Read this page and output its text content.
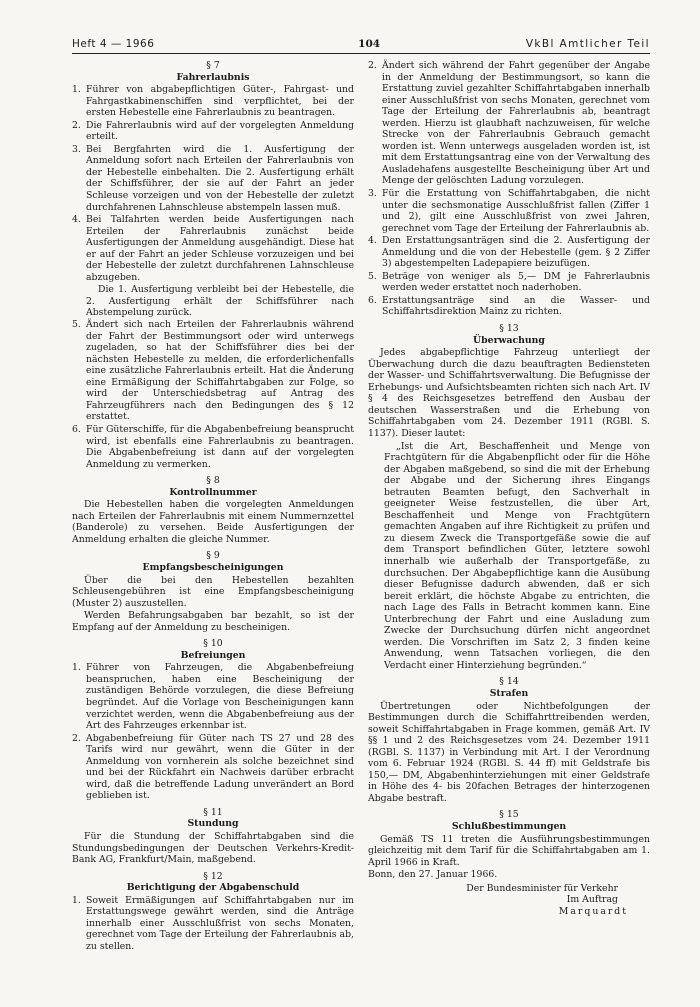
Heft 4 — 1966	104	VkBl Amtlicher Teil
§ 7
Fahrerlaubnis
1. Führer von abgabepflichtigen Güter-, Fahrgast- und Fahrgastkabinenschiffen sind verpflichtet, bei der ersten Hebestelle eine Fahrerlaubnis zu beantragen.
2. Die Fahrerlaubnis wird auf der vorgelegten Anmeldung erteilt.
3. Bei Bergfahrten wird die 1. Ausfertigung der Anmeldung sofort nach Erteilen der Fahrerlaubnis von der Hebestelle einbehalten. Die 2. Ausfertigung erhält der Schiffsführer, der sie auf der Fahrt an jeder Schleuse vorzeigen und von der Hebestelle der zuletzt durchfahrenen Lahnschleuse abstempeln lassen muß.
4. Bei Talfahrten werden beide Ausfertigungen nach Erteilen der Fahrerlaubnis zunächst beide Ausfertigungen der Anmeldung ausgehändigt. Diese hat er auf der Fahrt an jeder Schleuse vorzuzeigen und bei der Hebestelle der zuletzt durchfahrenen Lahnschleuse abzugeben.

Die 1. Ausfertigung verbleibt bei der Hebestelle, die 2. Ausfertigung erhält der Schiffsführer nach Abstempelung zurück.

5. Ändert sich nach Erteilen der Fahrerlaubnis während der Fahrt der Bestimmungsort oder wird unterwegs zugeladen, so hat der Schiffsführer dies bei der nächsten Hebestelle zu melden, die erforderlichenfalls eine zusätzliche Fahrerlaubnis erteilt. Hat die Änderung eine Ermäßigung der Schiffahrtabgaben zur Folge, so wird der Unterschiedsbetrag auf Antrag des Fahrzeugführers nach den Bedingungen des § 12 erstattet.
6. Für Güterschiffe, für die Abgabenbefreiung beansprucht wird, ist ebenfalls eine Fahrerlaubnis zu beantragen. Die Abgabenbefreiung ist dann auf der vorgelegten Anmeldung zu vermerken.
§ 8
Kontrollnummer

Die Hebestellen haben die vorgelegten Anmeldungen nach Erteilen der Fahrerlaubnis mit einem Nummernzettel (Banderole) zu versehen. Beide Ausfertigungen der Anmeldung erhalten die gleiche Nummer.

§ 9
Empfangsbescheinigungen

Über die bei den Hebestellen bezahlten Schleusengebühren ist eine Empfangsbescheinigung (Muster 2) auszustellen.

Werden Befahrungsabgaben bar bezahlt, so ist der Empfang auf der Anmeldung zu bescheinigen.

§ 10
Befreiungen
1. Führer von Fahrzeugen, die Abgabenbefreiung beanspruchen, haben eine Bescheinigung der zuständigen Behörde vorzulegen, die diese Befreiung begründet. Auf die Vorlage von Bescheinigungen kann verzichtet werden, wenn die Abgabenbefreiung aus der Art des Fahrzeuges erkennbar ist.
2. Abgabenbefreiung für Güter nach TS 27 und 28 des Tarifs wird nur gewährt, wenn die Güter in der Anmeldung von vornherein als solche bezeichnet sind und bei der Rückfahrt ein Nachweis darüber erbracht wird, daß die betreffende Ladung unverändert an Bord geblieben ist.
§ 11
Stundung

Für die Stundung der Schiffahrtabgaben sind die Stundungsbedingungen der Deutschen Verkehrs-Kredit-Bank AG, Frankfurt/Main, maßgebend.

§ 12
Berichtigung der Abgabenschuld
1. Soweit Ermäßigungen auf Schiffahrtabgaben nur im Erstattungswege gewährt werden, sind die Anträge innerhalb einer Ausschlußfrist von sechs Monaten, gerechnet vom Tage der Erteilung der Fahrerlaubnis ab, zu stellen.
2. Ändert sich während der Fahrt gegenüber der Angabe in der Anmeldung der Bestimmungsort, so kann die Erstattung zuviel gezahlter Schiffahrtabgaben innerhalb einer Ausschlußfrist von sechs Monaten, gerechnet vom Tage der Erteilung der Fahrerlaubnis ab, beantragt werden. Hierzu ist glaubhaft nachzuweisen, für welche Strecke von der Fahrerlaubnis Gebrauch gemacht worden ist. Wenn unterwegs ausgeladen worden ist, ist mit dem Erstattungsantrag eine von der Verwaltung des Ausladehafens ausgestellte Bescheinigung über Art und Menge der gelöschten Ladung vorzulegen.
3. Für die Erstattung von Schiffahrtabgaben, die nicht unter die sechsmonatige Ausschlußfrist fallen (Ziffer 1 und 2), gilt eine Ausschlußfrist von zwei Jahren, gerechnet vom Tage der Erteilung der Fahrerlaubnis ab.
4. Den Erstattungsanträgen sind die 2. Ausfertigung der Anmeldung und die von der Hebestelle (gem. § 2 Ziffer 3) abgestempelten Ladepapiere beizufügen.
5. Beträge von weniger als 5,— DM je Fahrerlaubnis werden weder erstattet noch naderhoben.
6. Erstattungsanträge sind an die Wasser- und Schiffahrtsdirektion Mainz zu richten.
§ 13
Überwachung

Jedes abgabepflichtige Fahrzeug unterliegt der Überwachung durch die dazu beauftragten Bediensteten der Wasser- und Schiffahrtsverwaltung. Die Befugnisse der Erhebungs- und Aufsichtsbeamten richten sich nach Art. IV § 4 des Reichsgesetzes betreffend den Ausbau der deutschen Wasserstraßen und die Erhebung von Schiffahrtabgaben vom 24. Dezember 1911 (RGBl. S. 1137). Dieser lautet:

„Ist die Art, Beschaffenheit und Menge von Frachtgütern für die Abgabenpflicht oder für die Höhe der Abgaben maßgebend, so sind die mit der Erhebung der Abgabe und der Sicherung ihres Eingangs betrauten Beamten befugt, den Sachverhalt in geeigneter Weise festzustellen, die über Art, Beschaffenheit und Menge von Frachtgütern gemachten Angaben auf ihre Richtigkeit zu prüfen und zu diesem Zweck die Transportgefäße sowie die auf dem Transport befindlichen Güter, letztere sowohl innerhalb wie außerhalb der Transportgefäße, zu durchsuchen. Der Abgabepflichtige kann die Ausübung dieser Befugnisse dadurch abwenden, daß er sich bereit erklärt, die höchste Abgabe zu entrichten, die nach Lage des Falls in Betracht kommen kann. Eine Unterbrechung der Fahrt und eine Ausladung zum Zwecke der Durchsuchung dürfen nicht angeordnet werden. Die Vorschriften im Satz 2, 3 finden keine Anwendung, wenn Tatsachen vorliegen, die den Verdacht einer Hinterziehung begründen.“

§ 14
Strafen

Übertretungen oder Nichtbefolgungen der Bestimmungen durch die Schiffahrttreibenden werden, soweit Schiffahrtabgaben in Frage kommen, gemäß Art. IV §§ 1 und 2 des Reichsgesetzes vom 24. Dezember 1911 (RGBl. S. 1137) in Verbindung mit Art. I der Verordnung vom 6. Februar 1924 (RGBl. S. 44 ff) mit Geldstrafe bis 150,— DM, Abgabenhinterziehungen mit einer Geldstrafe in Höhe des 4- bis 20fachen Betrages der hinterzogenen Abgabe bestraft.

§ 15
Schlußbestimmungen

Gemäß TS 11 treten die Ausführungsbestimmungen gleichzeitig mit dem Tarif für die Schiffahrtabgaben am 1. April 1966 in Kraft.

Bonn, den 27. Januar 1966.

Der Bundesminister für Verkehr
Im Auftrag
Marquardt
